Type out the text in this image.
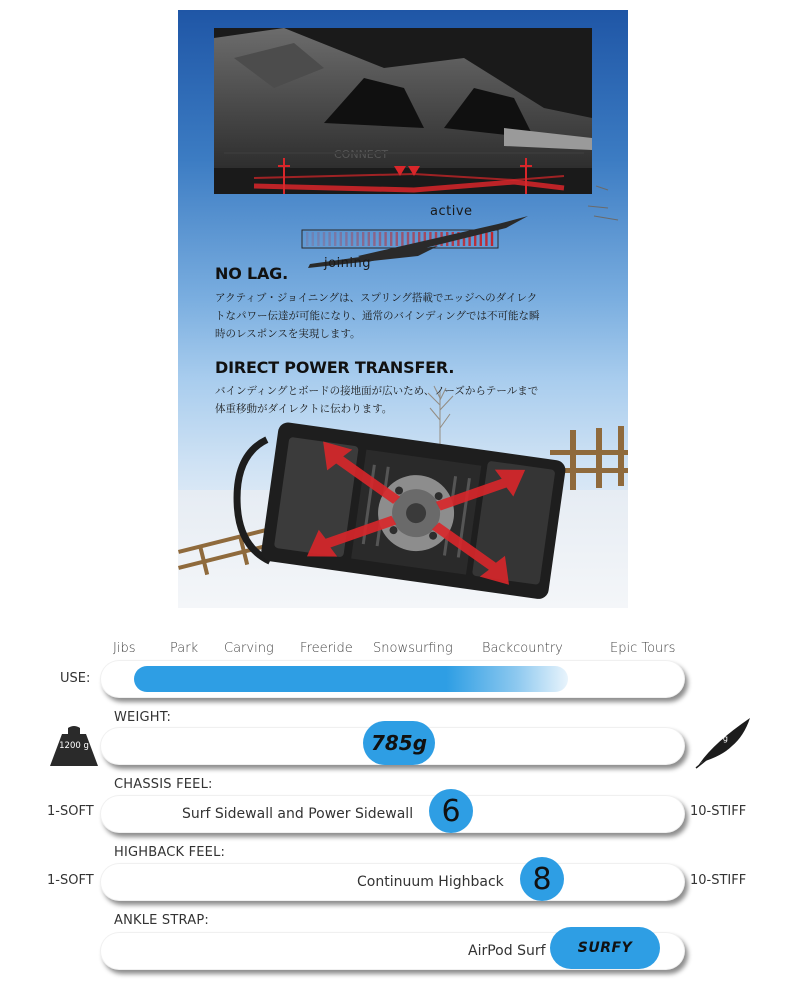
CONNECT
active
joining
NO LAG.
アクティブ・ジョイニングは、スプリング搭載でエッジへのダイレク
トなパワー伝達が可能になり、通常のバインディングでは不可能な瞬
時のレスポンスを実現します。
DIRECT POWER TRANSFER.
バインディングとボードの接地面が広いため、ノーズからテールまで
体重移動がダイレクトに伝わります。
Jibs	Park Carving Freeride Snowsurfing Backcountry	Epic Tours
USE:
WEIGHT:
1200 g	785g	500 g
CHASSIS FEEL:
1-SOFT	Surf Sidewall and Power Sidewall 6	10-STIFF
HIGHBACK FEEL:
1-SOFT	Continuum Highback 8	10-STIFF
ANKLE STRAP:
AirPod Surf	SURFY
